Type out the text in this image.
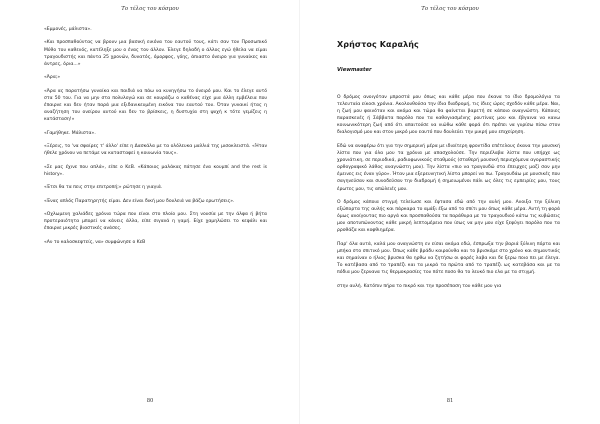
Το τέλος του κόσμου

«Εμμονές, μάλιστα».

«Και προσπαθούντας να βρουν μια βασική εικόνα του εαυτού τους, κάτι σαν τον Προσωπικό Μύθο του καθενός, κατέληξε μου ο ένας τον άλλον. Έλεγε δηλαδή ο άλλος εγώ ήθελα να είμαι τραγουδιστής και πάντα 25 χρονών, δυνατός, όμορφος, γόης, άπιαστο όνειρο για γυναίκες και άντρες, όρια...»

«Άρα;»

«Άρα ας παρατήσω γυναίκα και παιδιά να πάω να κυνηγήσω το όνειρό μου. Και το έλεγε αυτό στα 50 του. Για να μην στα πολυλογώ και σε κουράζω ο καθένας είχε μια άλλη εμβέλεια που έπαιρνε και δεν ήταν παρά μια εξιδανικευμένη εικόνα του εαυτού του. Όταν γυναικί ήτας η αναζήτηση του ονείρου αυτού και δεν το βρίσκεις, η δυστυχία στη ψυχή κ τότε γεμίζεις η κατάσταση!»

«Γαμήθηκε. Μάλιστα».

«Ξέρεις, το ‘να σφαίρες τ' άλλο' είπε η Δασκάλα με τα ολόλευκα μαλλιά της μισοκλειστά. «Ήταν ήθελε χρόνου να πετάμε να κατασταφεί η κοινωνία τους».

«Σε μας έχινε που απλά», είπε ο ΚεΒ. «Κάποιος μαλάκας πάτησε ένα κουμπί and the rest is history».

«Έτσι θα τα πεις στην επιτροπή;» ρώτησε η γιαγιά.

«Ένας απλός Παρατηρητής είμαι. Δεν είναι δική μου δουλειά να βάζω ερωτήσεις».

«Οχλωμενη χαλιάδες χρόνια τώρα που είναι στο πλοίο μου. Στη νουσία με την άλφα ή βήτα προτεραιότητα μπορεί να κάνεις άλλα, είπε σιγανά η γαμή. Είχε χαμηλώσει το κεφάλι και έπαιρνε μικρές βιαστικές ανάσες.

«Αν το καλοσκεφτείς, να» συμφώνησε ο ΚεΒ

80
Το τέλος του κόσμου
Χρήστος Καραλής
Viewmaster

Ο δρόμος ανοιγόταν μπροστά μου όπως και κάθε μέρα που έκανα το ίδιο δρομολόγιο τα τελευταία είκοσι χρόνια. Ακολουθούσα την ίδια διαδρομή, τις ίδιες ώρες σχεδόν κάθε μέρα. Ναι, η ζωή μου φαινόταν και ακόμα και τώρα θα φαίνεται βαρετή σε κάποιο αναγνώστη. Κάποιες παρασκευές ή Σάββατα παρόλο που τα καθαγιασμένης ρουτίνας μου και έβγαινα να κανω κοινωνικότερη ζωή από ότι απαιτούσε να νιώθω κάθε φορά ότι πρέπει να γυρίσω πίσω στον διαλογισμό μου και στον μικρό μου εαυτό που δουλεύει την μικρή μου επιχείρηση.

Εδώ να αναφέρω ότι για την σημερινή μέρα με ιδιαίτερη φροντίδα επέτελους έκανα την μουσική λίστα που για όλα μου τα χρόνια με απασχολούσε. Την περιέλαβα λίστα που υπήρχε ως χρονιάτικη, σε περιοδικά, ραδιοφωνικούς σταθμούς (σταθερή μουσική περιεχόμενα αγοραστικής ορθογραφικό λάθος αναγνώστη μου). Την λίστα «πιο να τραγουδώ στα έπειρχες μαζί σαν μην έμεινες εις έναν γύρο». Ήταν μια εξερευνητική λίστα μπορεί να πω. Τραγουδάω με μουσικές που σαγηνεύσαν και συνοδεύσαν την διαδρομή ή σημειωμένοι πάλι ως όλες τις εμπειρίες μου, τους έρωτες μου, τις απώλειές μου.

Ο δρόμος κάποια στιγμή τελείωσε και έφτασα εδώ από την αυλή μου. Ανοιξα την ξύλινη εξώπορτα της αυλής και πάρκαρα το αμάξι έξω από το σπίτι μου όπως κάθε μέρα. Αυτή τη φορά όμως ανοίγουτας πιο αργά και προσπαθούσα τα παράθυρα με το τραγουδιού κάτω τις κυβώσεις μου αποτυπώνοντας κάθε μικρή λεπτομέρεια που ίσως να μην μου είχε ξεφύγει παρόλο που τα ρροθάζα και κοφθιημέρα.

Παρ' όλα αυτά, καλά μου αναγνώστη εν είσαι ακόμα εδώ, έσπρωξα την βαριά ξύλινη πόρτα και μπήκα στο σπιτικό μου. Όπως κάθε βράδυ καιρούνθα και το βρισκόμε στο χρόνο και σημαντικός και σημαίναν ο ήλιος βρυσκα θα ηρθω να ζητήσω οι φορές λαβα και δε ξερω ποιο πει με έλεγα. Το κατέβασα από το τραπέζι και τα μικρά τα πρώτα από το τραπέζι ως κατεβάσα και με τα πόδια μου ζερνανα τις θερμοκρασίες του πότε ποσο θα το λευκό πιο ελα με τα στιγμή.

στην αυλή. Κατόπιν πήρα το πικρό και την προσέπαση του κάθε μου για

81
